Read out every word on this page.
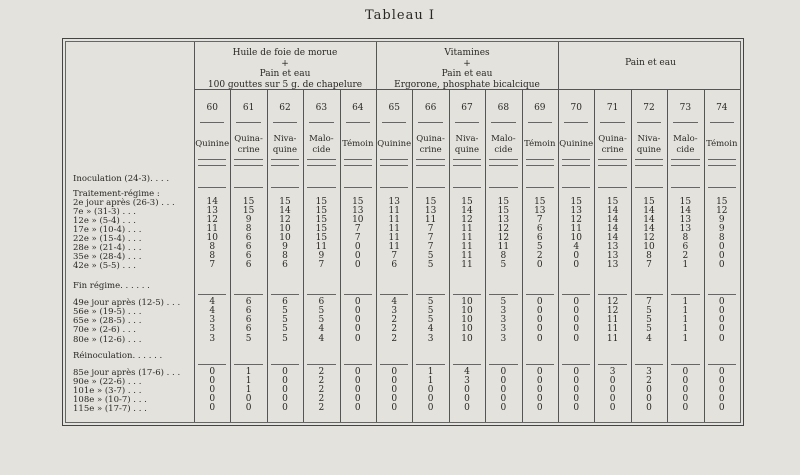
Tableau I
Huile de foie de morue
+
Pain et eau
100 gouttes sur 5 g. de chapelure
Vitamines
+
Pain et eau
Ergorone, phosphate bicalcique
Pain et eau
60
Quinine
61
Quina-
crine
62
Niva-
quine
63
Malo-
cide
64
Témoin
65
Quinine
66
Quina-
crine
67
Niva-
quine
68
Malo-
cide
69
Témoin
70
Quinine
71
Quina-
crine
72
Niva-
quine
73
Malo-
cide
74
Témoin
Inoculation (24-3). . . .
Traitement-régime :
2e jour après (26-3) . . .	14	15	15	15	15	13	15	15	15	15	15	15	15	15	15
7e » (31-3) . . .	13	15	14	15	13	11	13	14	15	13	13	14	14	14	12
12e » (5-4) . . .	12	9	12	15	10	11	11	12	13	7	12	14	14	13	9
17e » (10-4) . . .	11	8	10	15	7	11	7	11	12	6	11	14	14	13	9
22e » (15-4) . . .	10	6	10	15	7	11	7	11	12	6	10	14	12	8	8
28e » (21-4) . . .	8	6	9	11	0	11	7	11	11	5	4	13	10	6	0
35e » (28-4) . . .	8	6	8	9	0	7	5	11	8	2	0	13	8	2	0
42e » (5-5) . . .	7	6	6	7	0	6	5	11	5	0	0	13	7	1	0
Fin régime. . . . . .
49e jour après (12-5) . . .	4	6	6	6	0	4	5	10	5	0	0	12	7	1	0
56e » (19-5) . . .	4	6	5	5	0	3	5	10	3	0	0	12	5	1	0
65e » (28-5) . . .	3	6	5	5	0	2	5	10	3	0	0	11	5	1	0
70e » (2-6) . . .	3	6	5	4	0	2	4	10	3	0	0	11	5	1	0
80e » (12-6) . . .	3	5	5	4	0	2	3	10	3	0	0	11	4	1	0
Réinoculation. . . . . .
85e jour après (17-6) . . .	0	1	0	2	0	0	1	4	0	0	0	3	3	0	0
90e » (22-6) . . .	0	1	0	2	0	0	1	3	0	0	0	0	2	0	0
101e » (3-7) . . .	0	1	0	2	0	0	0	0	0	0	0	0	0	0	0
108e » (10-7) . . .	0	0	0	2	0	0	0	0	0	0	0	0	0	0	0
115e » (17-7) . . .	0	0	0	2	0	0	0	0	0	0	0	0	0	0	0
